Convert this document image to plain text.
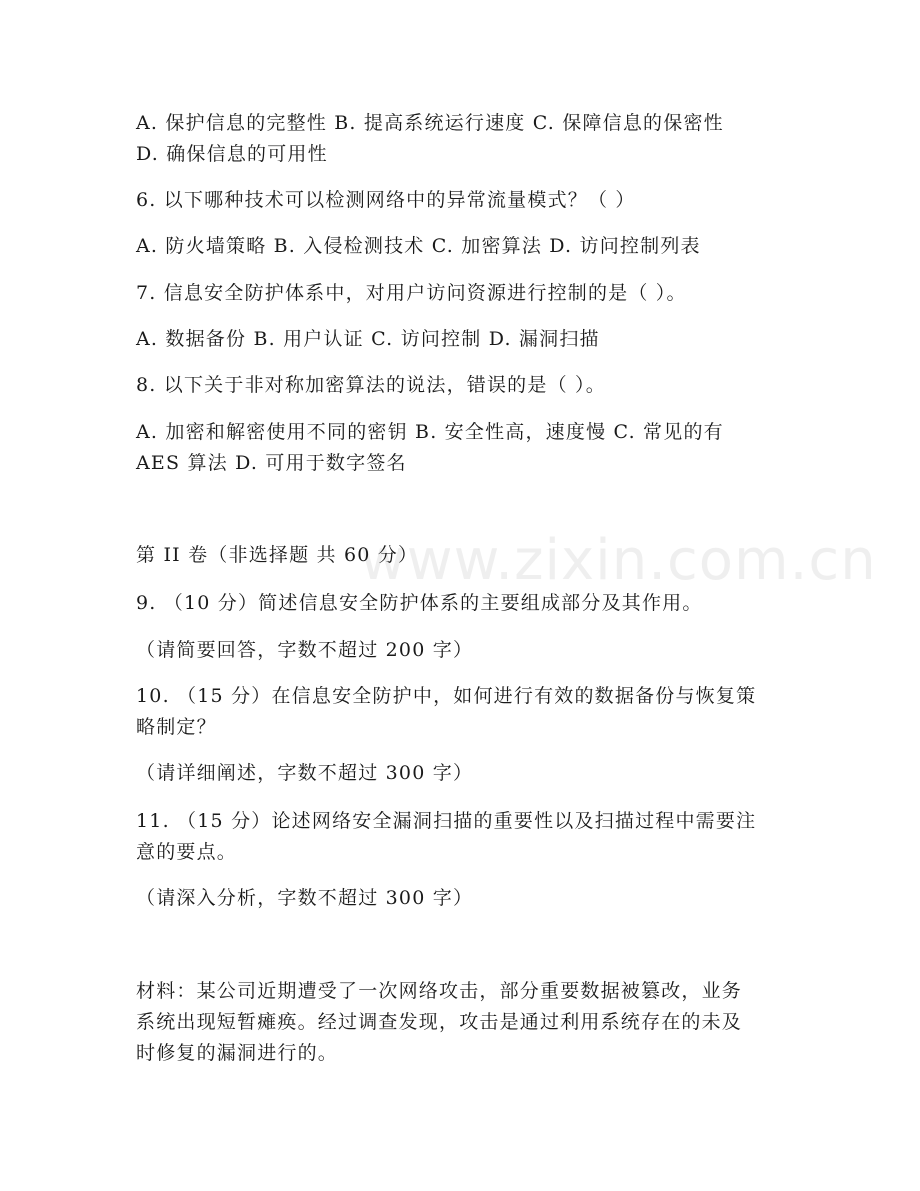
www.zixin.com.cn
A. 保护信息的完整性 B. 提高系统运行速度 C. 保障信息的保密性
D. 确保信息的可用性
6. 以下哪种技术可以检测网络中的异常流量模式？（ ）
A. 防火墙策略 B. 入侵检测技术 C. 加密算法 D. 访问控制列表
7. 信息安全防护体系中，对用户访问资源进行控制的是（ ）。
A. 数据备份 B. 用户认证 C. 访问控制 D. 漏洞扫描
8. 以下关于非对称加密算法的说法，错误的是（ ）。
A. 加密和解密使用不同的密钥 B. 安全性高，速度慢 C. 常见的有
AES 算法 D. 可用于数字签名
第 II 卷（非选择题 共 60 分）
9. （10 分）简述信息安全防护体系的主要组成部分及其作用。
（请简要回答，字数不超过 200 字）
10. （15 分）在信息安全防护中，如何进行有效的数据备份与恢复策
略制定？
（请详细阐述，字数不超过 300 字）
11. （15 分）论述网络安全漏洞扫描的重要性以及扫描过程中需要注
意的要点。
（请深入分析，字数不超过 300 字）
材料：某公司近期遭受了一次网络攻击，部分重要数据被篡改，业务
系统出现短暂瘫痪。经过调查发现，攻击是通过利用系统存在的未及
时修复的漏洞进行的。
